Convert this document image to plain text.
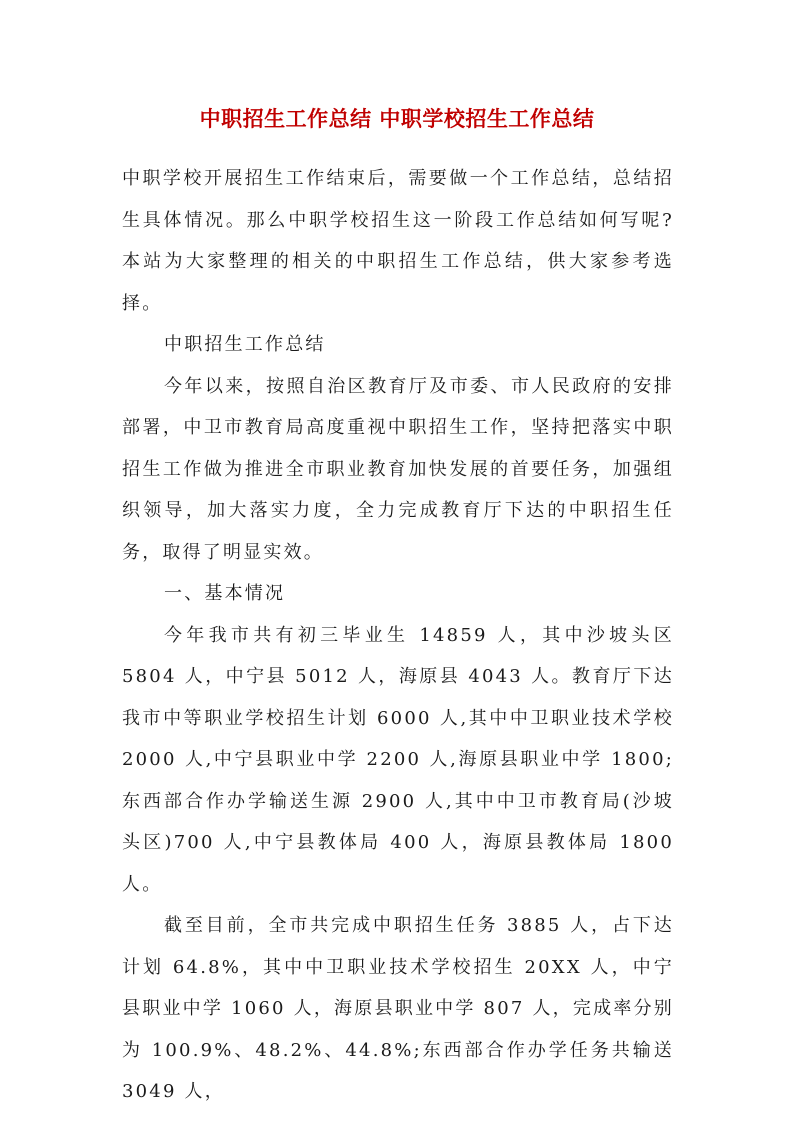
中职招生工作总结 中职学校招生工作总结

中职学校开展招生工作结束后，需要做一个工作总结，总结招生具体情况。那么中职学校招生这一阶段工作总结如何写呢?本站为大家整理的相关的中职招生工作总结，供大家参考选择。

中职招生工作总结

今年以来，按照自治区教育厅及市委、市人民政府的安排部署，中卫市教育局高度重视中职招生工作，坚持把落实中职招生工作做为推进全市职业教育加快发展的首要任务，加强组织领导，加大落实力度，全力完成教育厅下达的中职招生任务，取得了明显实效。

一、基本情况

今年我市共有初三毕业生 14859 人，其中沙坡头区 5804 人，中宁县 5012 人，海原县 4043 人。教育厅下达我市中等职业学校招生计划 6000 人,其中中卫职业技术学校 2000 人,中宁县职业中学 2200 人,海原县职业中学 1800;东西部合作办学输送生源 2900 人,其中中卫市教育局(沙坡头区)700 人,中宁县教体局 400 人，海原县教体局 1800 人。

截至目前，全市共完成中职招生任务 3885 人，占下达计划 64.8%，其中中卫职业技术学校招生 20XX 人，中宁县职业中学 1060 人，海原县职业中学 807 人，完成率分别为 100.9%、48.2%、44.8%;东西部合作办学任务共输送 3049 人，
